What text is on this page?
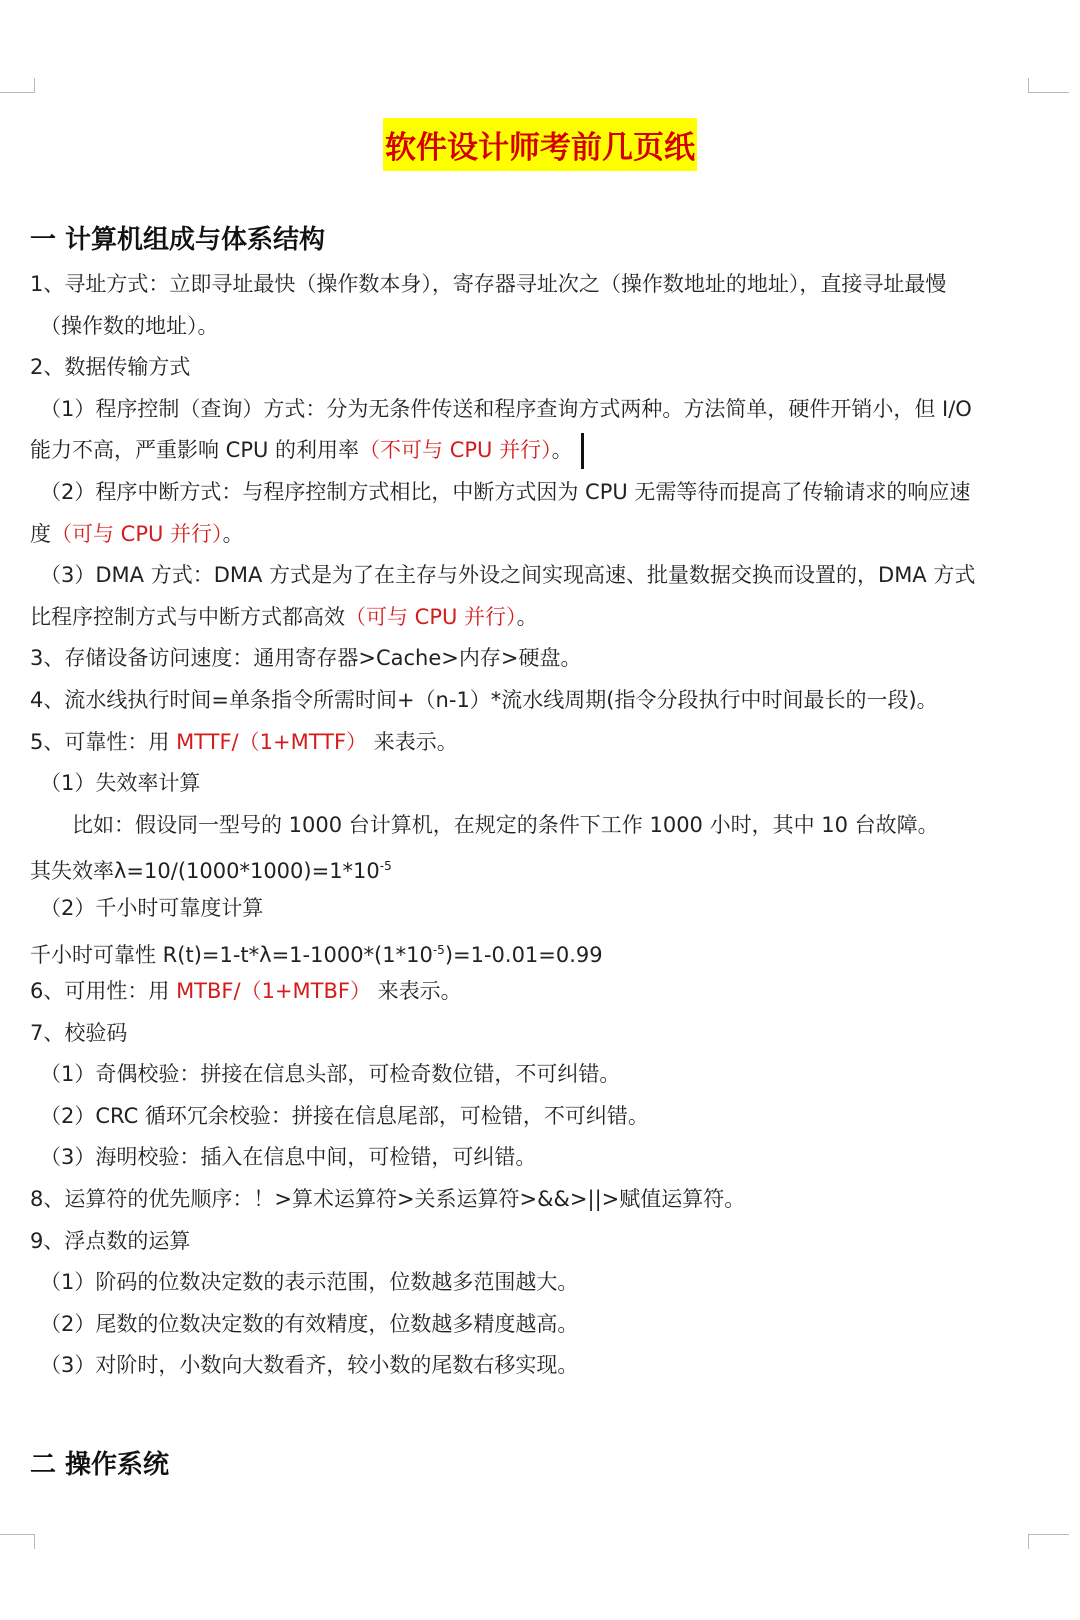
软件设计师考前几页纸
一 计算机组成与体系结构
1、寻址方式：立即寻址最快（操作数本身），寄存器寻址次之（操作数地址的地址），直接寻址最慢
（操作数的地址）。
2、数据传输方式
（1）程序控制（查询）方式：分为无条件传送和程序查询方式两种。方法简单，硬件开销小，但 I/O
能力不高，严重影响 CPU 的利用率（不可与 CPU 并行）。
（2）程序中断方式：与程序控制方式相比，中断方式因为 CPU 无需等待而提高了传输请求的响应速
度（可与 CPU 并行）。
（3）DMA 方式：DMA 方式是为了在主存与外设之间实现高速、批量数据交换而设置的，DMA 方式
比程序控制方式与中断方式都高效（可与 CPU 并行）。
3、存储设备访问速度：通用寄存器>Cache>内存>硬盘。
4、流水线执行时间=单条指令所需时间+（n-1）*流水线周期(指令分段执行中时间最长的一段)。
5、可靠性：用 MTTF/（1+MTTF） 来表示。
（1）失效率计算
比如：假设同一型号的 1000 台计算机，在规定的条件下工作 1000 小时，其中 10 台故障。
其失效率$\lambda=10/(1000*1000)=1*10^{-5}$
（2）千小时可靠度计算
千小时可靠性 $R(t)=1-t*\lambda=1-1000*(1*10^{-5})=1-0.01=0.99$
6、可用性：用 MTBF/（1+MTBF） 来表示。
7、校验码
（1）奇偶校验：拼接在信息头部，可检奇数位错，不可纠错。
（2）CRC 循环冗余校验：拼接在信息尾部，可检错，不可纠错。
（3）海明校验：插入在信息中间，可检错，可纠错。
8、运算符的优先顺序：！>算术运算符>关系运算符>&&>||>赋值运算符。
9、浮点数的运算
（1）阶码的位数决定数的表示范围，位数越多范围越大。
（2）尾数的位数决定数的有效精度，位数越多精度越高。
（3）对阶时，小数向大数看齐，较小数的尾数右移实现。
二 操作系统
